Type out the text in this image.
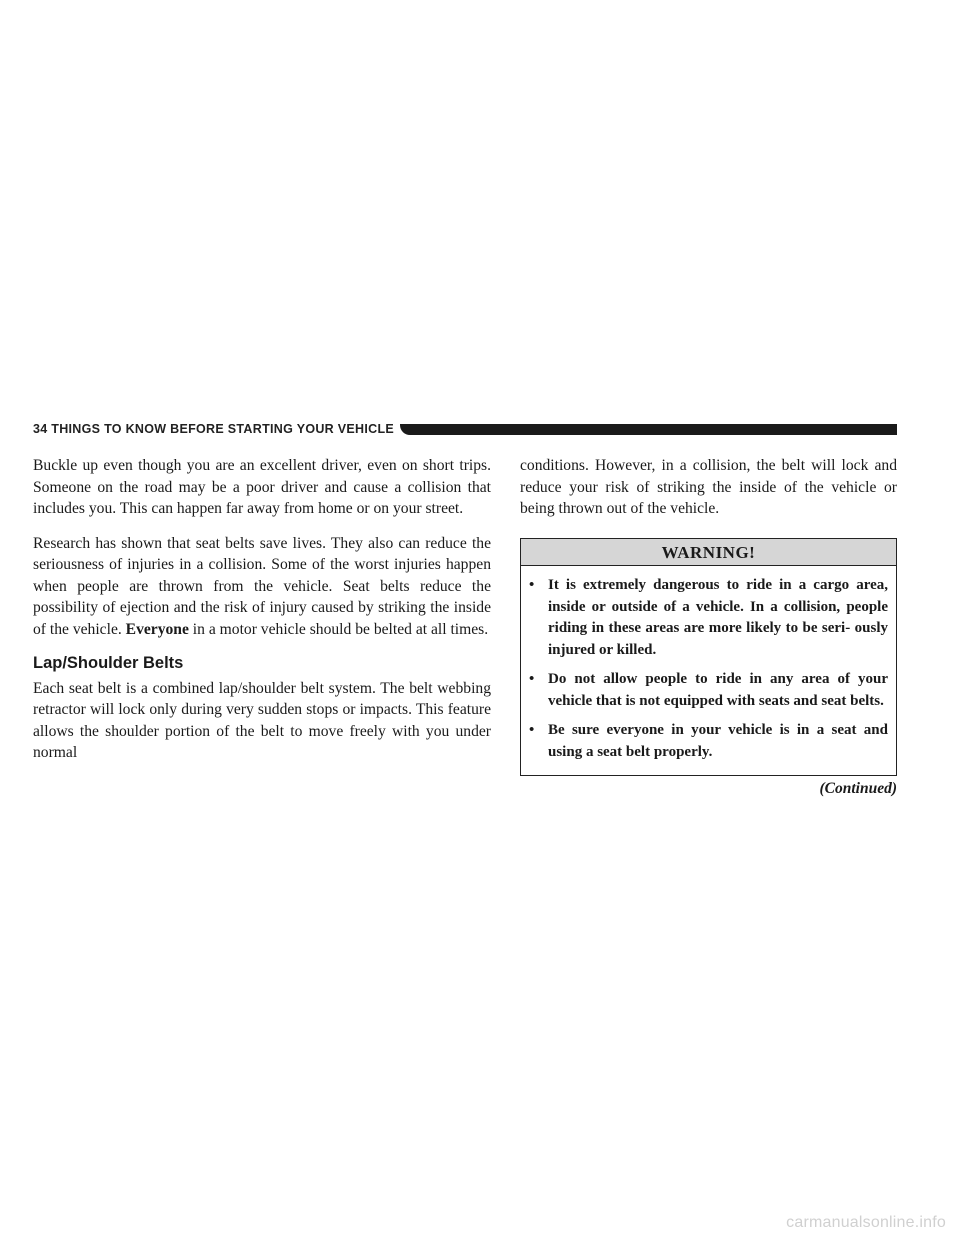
34 THINGS TO KNOW BEFORE STARTING YOUR VEHICLE

Buckle up even though you are an excellent driver, even on short trips. Someone on the road may be a poor driver and cause a collision that includes you. This can happen far away from home or on your street.

Research has shown that seat belts save lives. They also can reduce the seriousness of injuries in a collision. Some of the worst injuries happen when people are thrown from the vehicle. Seat belts reduce the possibility of ejection and the risk of injury caused by striking the inside of the vehicle. Everyone in a motor vehicle should be belted at all times.

Lap/Shoulder Belts

Each seat belt is a combined lap/shoulder belt system. The belt webbing retractor will lock only during very sudden stops or impacts. This feature allows the shoulder portion of the belt to move freely with you under normal

conditions. However, in a collision, the belt will lock and reduce your risk of striking the inside of the vehicle or being thrown out of the vehicle.

WARNING!
• It is extremely dangerous to ride in a cargo area, inside or outside of a vehicle. In a collision, people riding in these areas are more likely to be seri- ously injured or killed.
• Do not allow people to ride in any area of your vehicle that is not equipped with seats and seat belts.
• Be sure everyone in your vehicle is in a seat and using a seat belt properly.
(Continued)
carmanualsonline.info
